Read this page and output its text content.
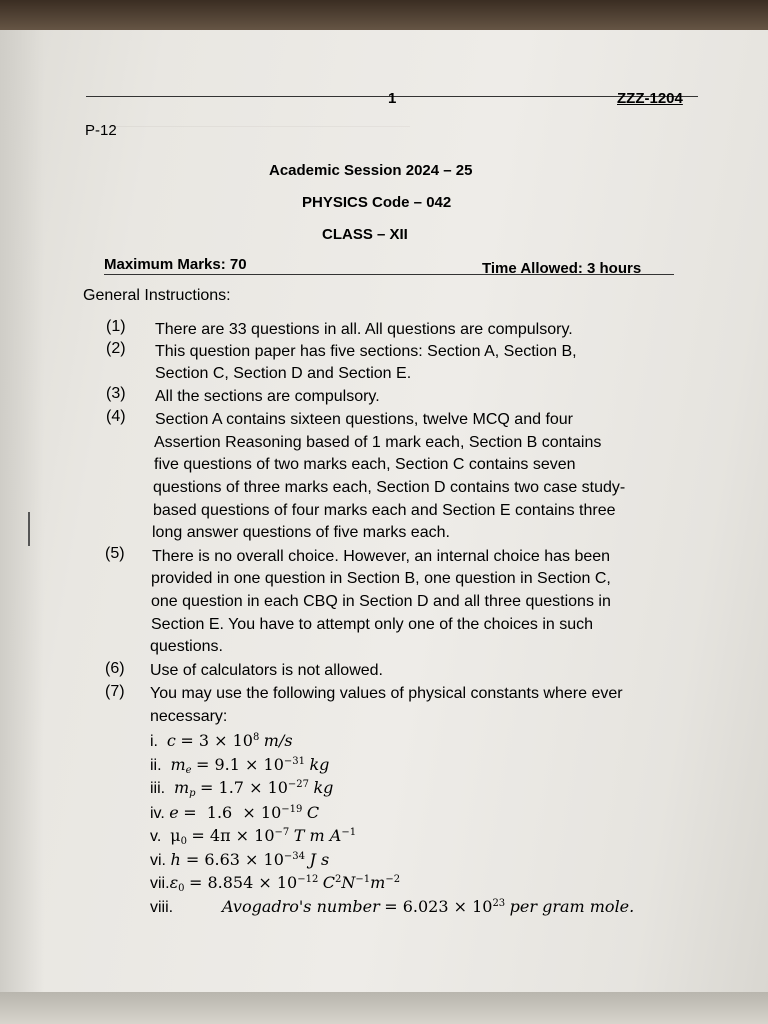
1	ZZZ-1204
P-12
Academic Session 2024 – 25
PHYSICS Code – 042
CLASS – XII
Maximum Marks: 70	Time Allowed: 3 hours
General Instructions:
(1) There are 33 questions in all. All questions are compulsory.
(2) This question paper has five sections: Section A, Section B,
Section C, Section D and Section E.
(3) All the sections are compulsory.
(4) Section A contains sixteen questions, twelve MCQ and four
Assertion Reasoning based of 1 mark each, Section B contains
five questions of two marks each, Section C contains seven
questions of three marks each, Section D contains two case study-
based questions of four marks each and Section E contains three
long answer questions of five marks each.
(5) There is no overall choice. However, an internal choice has been
provided in one question in Section B, one question in Section C,
one question in each CBQ in Section D and all three questions in
Section E. You have to attempt only one of the choices in such
questions.
(6) Use of calculators is not allowed.
(7) You may use the following values of physical constants where ever
necessary:
i. $c = 3 \times 10^8$ m/s
ii. $m_e = 9.1 \times 10^{-31}$ kg
iii. $m_p = 1.7 \times 10^{-27}$ kg
iv. $e = 1.6 \times 10^{-19}$ C
v. $\mu_0 = 4\pi \times 10^{-7}$ T m $A^{-1}$
vi. $h = 6.63 \times 10^{-34}$ J s
$vii.\varepsilon_0 = 8.854 \times 10^{-12}$ $C^2N^{-1}m^{-2}$
viii.	Avogadro's number = $6.023 \times 10^{23}$ per gram mole.
